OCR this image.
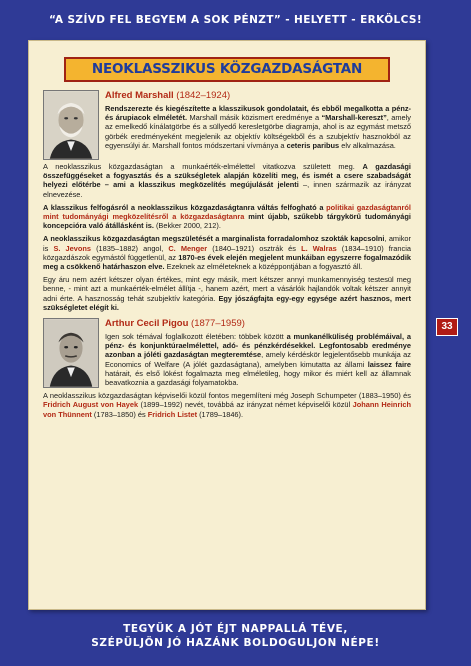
“A SZÍVD FEL BEGYEM A SOK PÉNZT” - HELYETT - ERKÖLCS!
NEOKLASSZIKUS KÖZGAZDASÁGTAN
Alfred Marshall (1842–1924)

Rendszerezte és kiegészítette a klasszikusok gondolatait, és ebből megalkotta a pénz- és árupiacok elméletét. Marshall másik közismert eredménye a “Marshall-kereszt”, amely az emelkedő kínálatgörbe és a süllyedő keresletgörbe diagramja, ahol is az egymást metsző görbék eredményeként megjelenik az objektív költségekből és a szubjektív hasznokból az egyensúlyi ár. Marshall fontos módszertani vívmánya a ceteris paribus elv alkalmazása.

A neoklasszikus közgazdaságtan a munkaérték-elmélettel vitatkozva született meg. A gazdasági összefüggéseket a fogyasztás és a szükségletek alapján közelíti meg, és ismét a csere szabadságát helyezi előtérbe – ami a klasszikus megközelítés megújulását jelenti –, innen származik az irányzat elnevezése.

A klasszikus felfogásról a neoklasszikus közgazdaságtanra váltás felfogható a politikai gazdaságtanról mint tudományági megközelítésről a közgazdaságtanra mint újabb, szűkebb tárgykörű tudományági koncepcióra való átállásként is. (Bekker 2000, 212).

A neoklasszikus közgazdaságtan megszületését a marginalista forradalomhoz szokták kapcsolni, amikor is S. Jevons (1835–1882) angol, C. Menger (1840–1921) osztrák és L. Walras (1834–1910) francia közgazdászok egymástól függetlenül, az 1870-es évek elején megjelent munkáiban egyszerre fogalmazódik meg a csökkenő határhaszon elve. Ezeknek az elméleteknek a középpontjában a fogyasztó áll.

Egy áru nem azért kétszer olyan értékes, mint egy másik, mert kétszer annyi munkamennyiség testesül meg benne, - mint azt a munkaérték-elmélet állítja -, hanem azért, mert a vásárlók hajlandók voltak kétszer annyit adni érte. A hasznosság tehát szubjektív kategória. Egy jószágfajta egy-egy egysége azért hasznos, mert szükségletet elégít ki.

Arthur Cecil Pigou (1877–1959)

Igen sok témával foglalkozott életében: többek között a munkanélküliség problémáival, a pénz- és konjunktúraelmélettel, adó- és pénzkérdésekkel. Legfontosabb eredménye azonban a jóléti gazdaságtan megteremtése, amely kérdéskör legjelentősebb munkája az Economics of Welfare (A jólét gazdaságtana), amelyben kimutatta az állami laissez faire határait, és első lökést fogalmazta meg elméletileg, hogy mikor és miért kell az államnak beavatkoznia a gazdasági folyamatokba.

A neoklasszikus közgazdaságtan képviselői közül fontos megemlíteni még Joseph Schumpeter (1883–1950) és Fridrich August von Hayek (1899–1992) nevét, továbbá az irányzat német képviselői közül Johann Heinrich von Thünnent (1783–1850) és Fridrich Listet (1789–1846).

33
TEGYÜK A JÓT ÉJT NAPPALLÁ TÉVE,
SZÉPÜLJÖN JÓ HAZÁNK BOLDOGULJON NÉPE!
